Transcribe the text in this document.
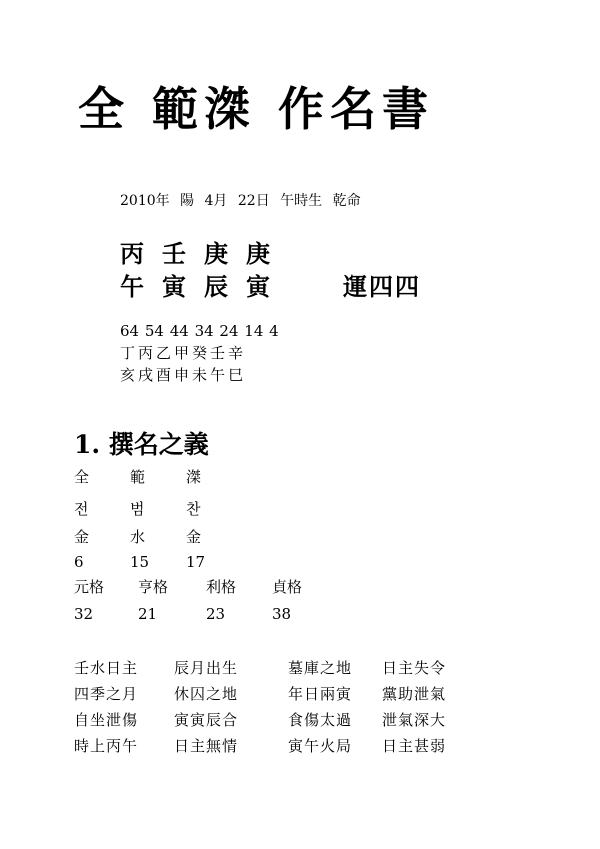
全 範滐 作名書
2010年 陽 4月 22日 午時生 乾命
丙壬庚庚
午寅辰寅 運四四
64 54 44 34 24 14 4
丁丙乙甲癸壬辛
亥戌酉申未午巳
1. 撰名之義
全	範	滐
전	범	찬
金	水	金
6	15 17
元格 亨格	利格 貞格
32	21	23	38
壬水日主 辰月出生	墓庫之地 日主失令
四季之月 休囚之地	年日兩寅 黨助泄氣
自坐泄傷 寅寅辰合	食傷太過 泄氣深大
時上丙午 日主無情	寅午火局 日主甚弱
